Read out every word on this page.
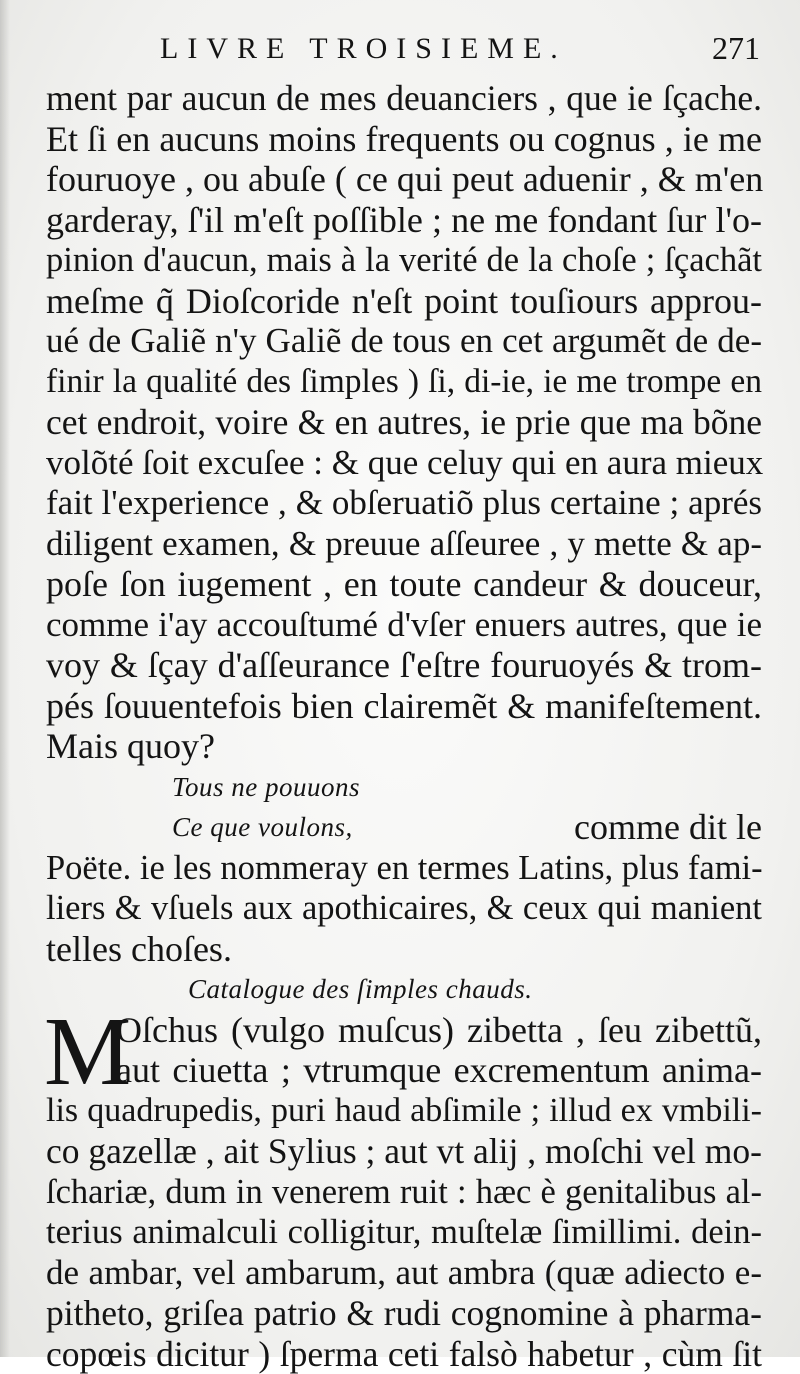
LIVRE TROISIEME.	271
ment par aucun de mes deuanciers , que ie ſçache.
Et ſi en aucuns moins frequents ou cognus , ie me
fouruoye , ou abuſe ( ce qui peut aduenir , & m'en
garderay, ſ'il m'eſt poſſible ; ne me fondant ſur l'o-
pinion d'aucun, mais à la verité de la choſe ; ſçachãt
meſme q̃ Dioſcoride n'eſt point touſiours approu-
ué de Galiẽ n'y Galiẽ de tous en cet argumẽt de de-
finir la qualité des ſimples ) ſi, di-ie, ie me trompe en
cet endroit, voire & en autres, ie prie que ma bõne
volõté ſoit excuſee : & que celuy qui en aura mieux
fait l'experience , & obſeruatiõ plus certaine ; aprés
diligent examen, & preuue aſſeuree , y mette & ap-
poſe ſon iugement , en toute candeur & douceur,
comme i'ay accouſtumé d'vſer enuers autres, que ie
voy & ſçay d'aſſeurance ſ'eſtre fouruoyés & trom-
pés ſouuentefois bien clairemẽt & manifeſtement.
Mais quoy?
Tous ne pouuons
Ce que voulons,	comme dit le
Poëte. ie les nommeray en termes Latins, plus fami-
liers & vſuels aux apothicaires, & ceux qui manient
telles choſes.
Catalogue des ſimples chauds.
M
Oſchus (vulgo muſcus) zibetta , ſeu zibettũ,
aut ciuetta ; vtrumque excrementum anima-
lis quadrupedis, puri haud abſimile ; illud ex vmbili-
co gazellæ , ait Sylius ; aut vt alij , moſchi vel mo-
ſchariæ, dum in venerem ruit : hæc è genitalibus al-
terius animalculi colligitur, muſtelæ ſimillimi. dein-
de ambar, vel ambarum, aut ambra (quæ adiecto e-
pitheto, griſea patrio & rudi cognomine à pharma-
copœis dicitur ) ſperma ceti falsò habetur , cùm ſit
